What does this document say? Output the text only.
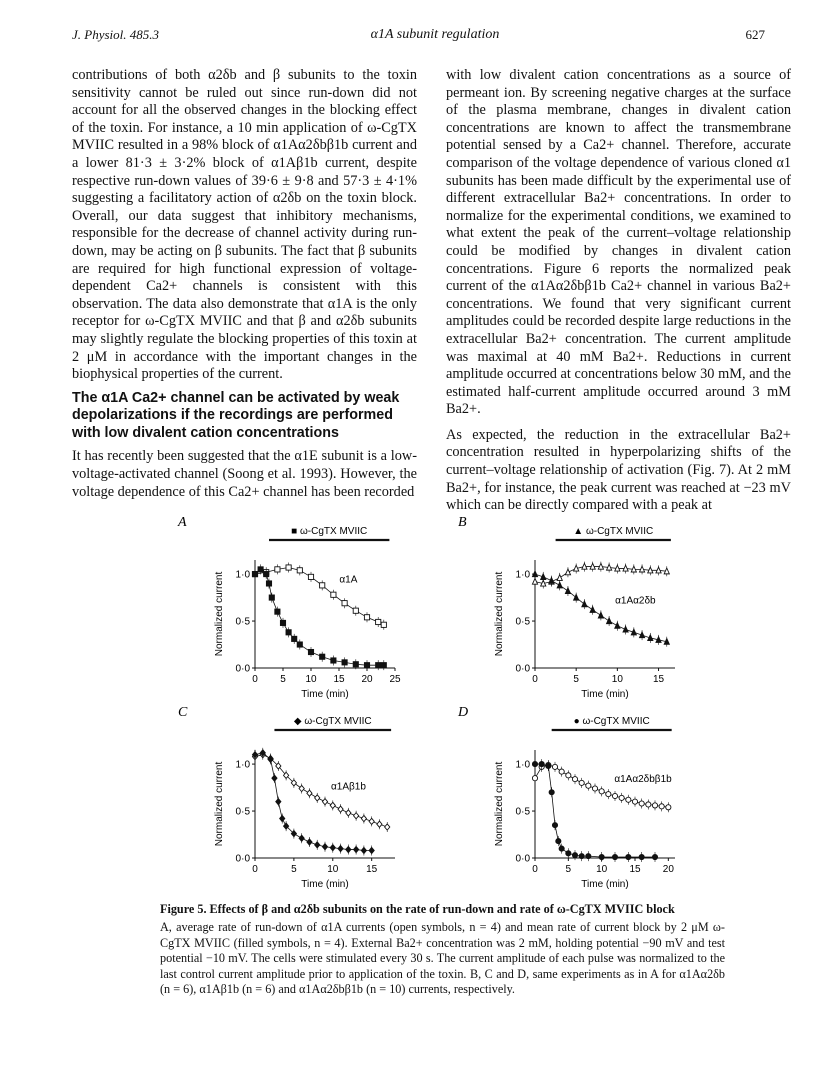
J. Physiol. 485.3	α1A subunit regulation	627

contributions of both α2δb and β subunits to the toxin sensitivity cannot be ruled out since run-down did not account for all the observed changes in the blocking effect of the toxin. For instance, a 10 min application of ω-CgTX MVIIC resulted in a 98% block of α1Aα2δbβ1b current and a lower 81·3 ± 3·2% block of α1Aβ1b current, despite respective run-down values of 39·6 ± 9·8 and 57·3 ± 4·1% suggesting a facilitatory action of α2δb on the toxin block. Overall, our data suggest that inhibitory mechanisms, responsible for the decrease of channel activity during run-down, may be acting on β subunits. The fact that β subunits are required for high functional expression of voltage-dependent Ca2+ channels is consistent with this observation. The data also demonstrate that α1A is the only receptor for ω-CgTX MVIIC and that β and α2δb subunits may slightly regulate the blocking properties of this toxin at 2 μM in accordance with the important changes in the biophysical properties of the current.

The α1A Ca2+ channel can be activated by weak depolarizations if the recordings are performed with low divalent cation concentrations

It has recently been suggested that the α1E subunit is a low-voltage-activated channel (Soong et al. 1993). However, the voltage dependence of this Ca2+ channel has been recorded

with low divalent cation concentrations as a source of permeant ion. By screening negative charges at the surface of the plasma membrane, changes in divalent cation concentrations are known to affect the transmembrane potential sensed by a Ca2+ channel. Therefore, accurate comparison of the voltage dependence of various cloned α1 subunits has been made difficult by the experimental use of different extracellular Ba2+ concentrations. In order to normalize for the experimental conditions, we examined to what extent the peak of the current–voltage relationship could be modified by changes in divalent cation concentrations. Figure 6 reports the normalized peak current of the α1Aα2δbβ1b Ca2+ channel in various Ba2+ concentrations. We found that very significant current amplitudes could be recorded despite large reductions in the extracellular Ba2+ concentration. The current amplitude was maximal at 40 mM Ba2+. Reductions in current amplitude occurred at concentrations below 30 mM, and the estimated half-current amplitude occurred around 3 mM Ba2+.

As expected, the reduction in the extracellular Ba2+ concentration resulted in hyperpolarizing shifts of the current–voltage relationship of activation (Fig. 7). At 2 mM Ba2+, for instance, the peak current was reached at −23 mV which can be directly compared with a peak at

A
■ ω-CgTX MVIIC
0·0
0·5
1·0
0 5 10 15 20 25
Time (min)
Normalized current	α1A
B
▲ ω-CgTX MVIIC
0·0
0·5
1·0
0	5	10	15
Time (min)
Normalized current	α1Aα2δb
C
◆ ω-CgTX MVIIC
0·0
0·5
1·0
0	5	10	15
Time (min)
Normalized current	α1Aβ1b
D
● ω-CgTX MVIIC
0·0
0·5
1·0
0	5 10 15 20
Time (min)
Normalized current	α1Aα2δbβ1b

Figure 5. Effects of β and α2δb subunits on the rate of run-down and rate of ω-CgTX MVIIC block

A, average rate of run-down of α1A currents (open symbols, n = 4) and mean rate of current block by 2 μM ω-CgTX MVIIC (filled symbols, n = 4). External Ba2+ concentration was 2 mM, holding potential −90 mV and test potential −10 mV. The cells were stimulated every 30 s. The current amplitude of each pulse was normalized to the last control current amplitude prior to application of the toxin. B, C and D, same experiments as in A for α1Aα2δb (n = 6), α1Aβ1b (n = 6) and α1Aα2δbβ1b (n = 10) currents, respectively.
